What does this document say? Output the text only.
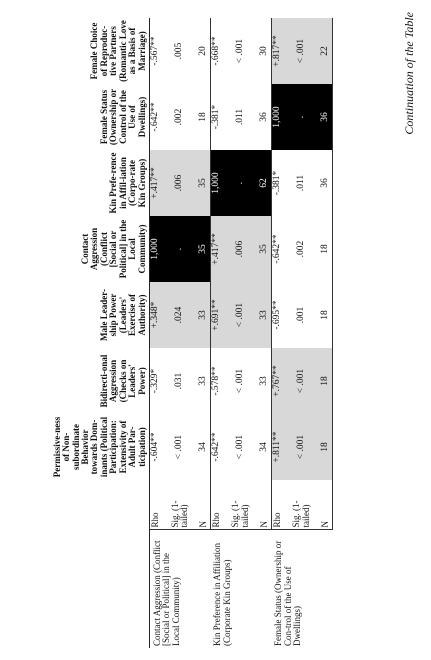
Continuation of the Table
		Permissive-ness of Non-subordinate Behavior towards Dom-inants (Political Participation: Extensivity of Adult Par-ticipation)	Bidirecti-onal Aggression (Checks on Leaders' Power)	Male Leader-ship Power (Leaders' Exercise of Authority)	Contact Aggression (Conflict [Social or Political] in the Local Community)	Kin Prefe-rence in Affil-iation (Corpo-rate Kin Groups)	Female Status (Ownership or Control of the Use of Dwellings)	Female Choice of Reproduc-tive Partners (Romantic Love as a Basis of Marriage)
Contact Aggression (Conflict [Social or Political] in the Local Community)	Rho	-.604**	-.329*	+.348*	1,000	+.417**	-.642**	-.567**
	Sig. (1-tailed)	< .001	.031	.024	.	.006	.002	.005
	N	34	33	33	35	35	18	20
Kin Preference in Affiliation (Corporate Kin Groups)	Rho	-.642**	-.578**	+.691**	+.417**	1,000	-.381*	-.668**
	Sig. (1-tailed)	< .001	< .001	< .001	.006	.	.011	< .001
	N	34	33	33	35	62	36	30
Female Status (Ownership or Con-trol of the Use of Dwellings)	Rho	+.811**	+.767**	-.695**	-.642**	-.381*	1,000	+.817**
	Sig. (1-tailed)	< .001	< .001	.001	.002	.011	.	< .001
	N	18	18	18	18	36	36	22
